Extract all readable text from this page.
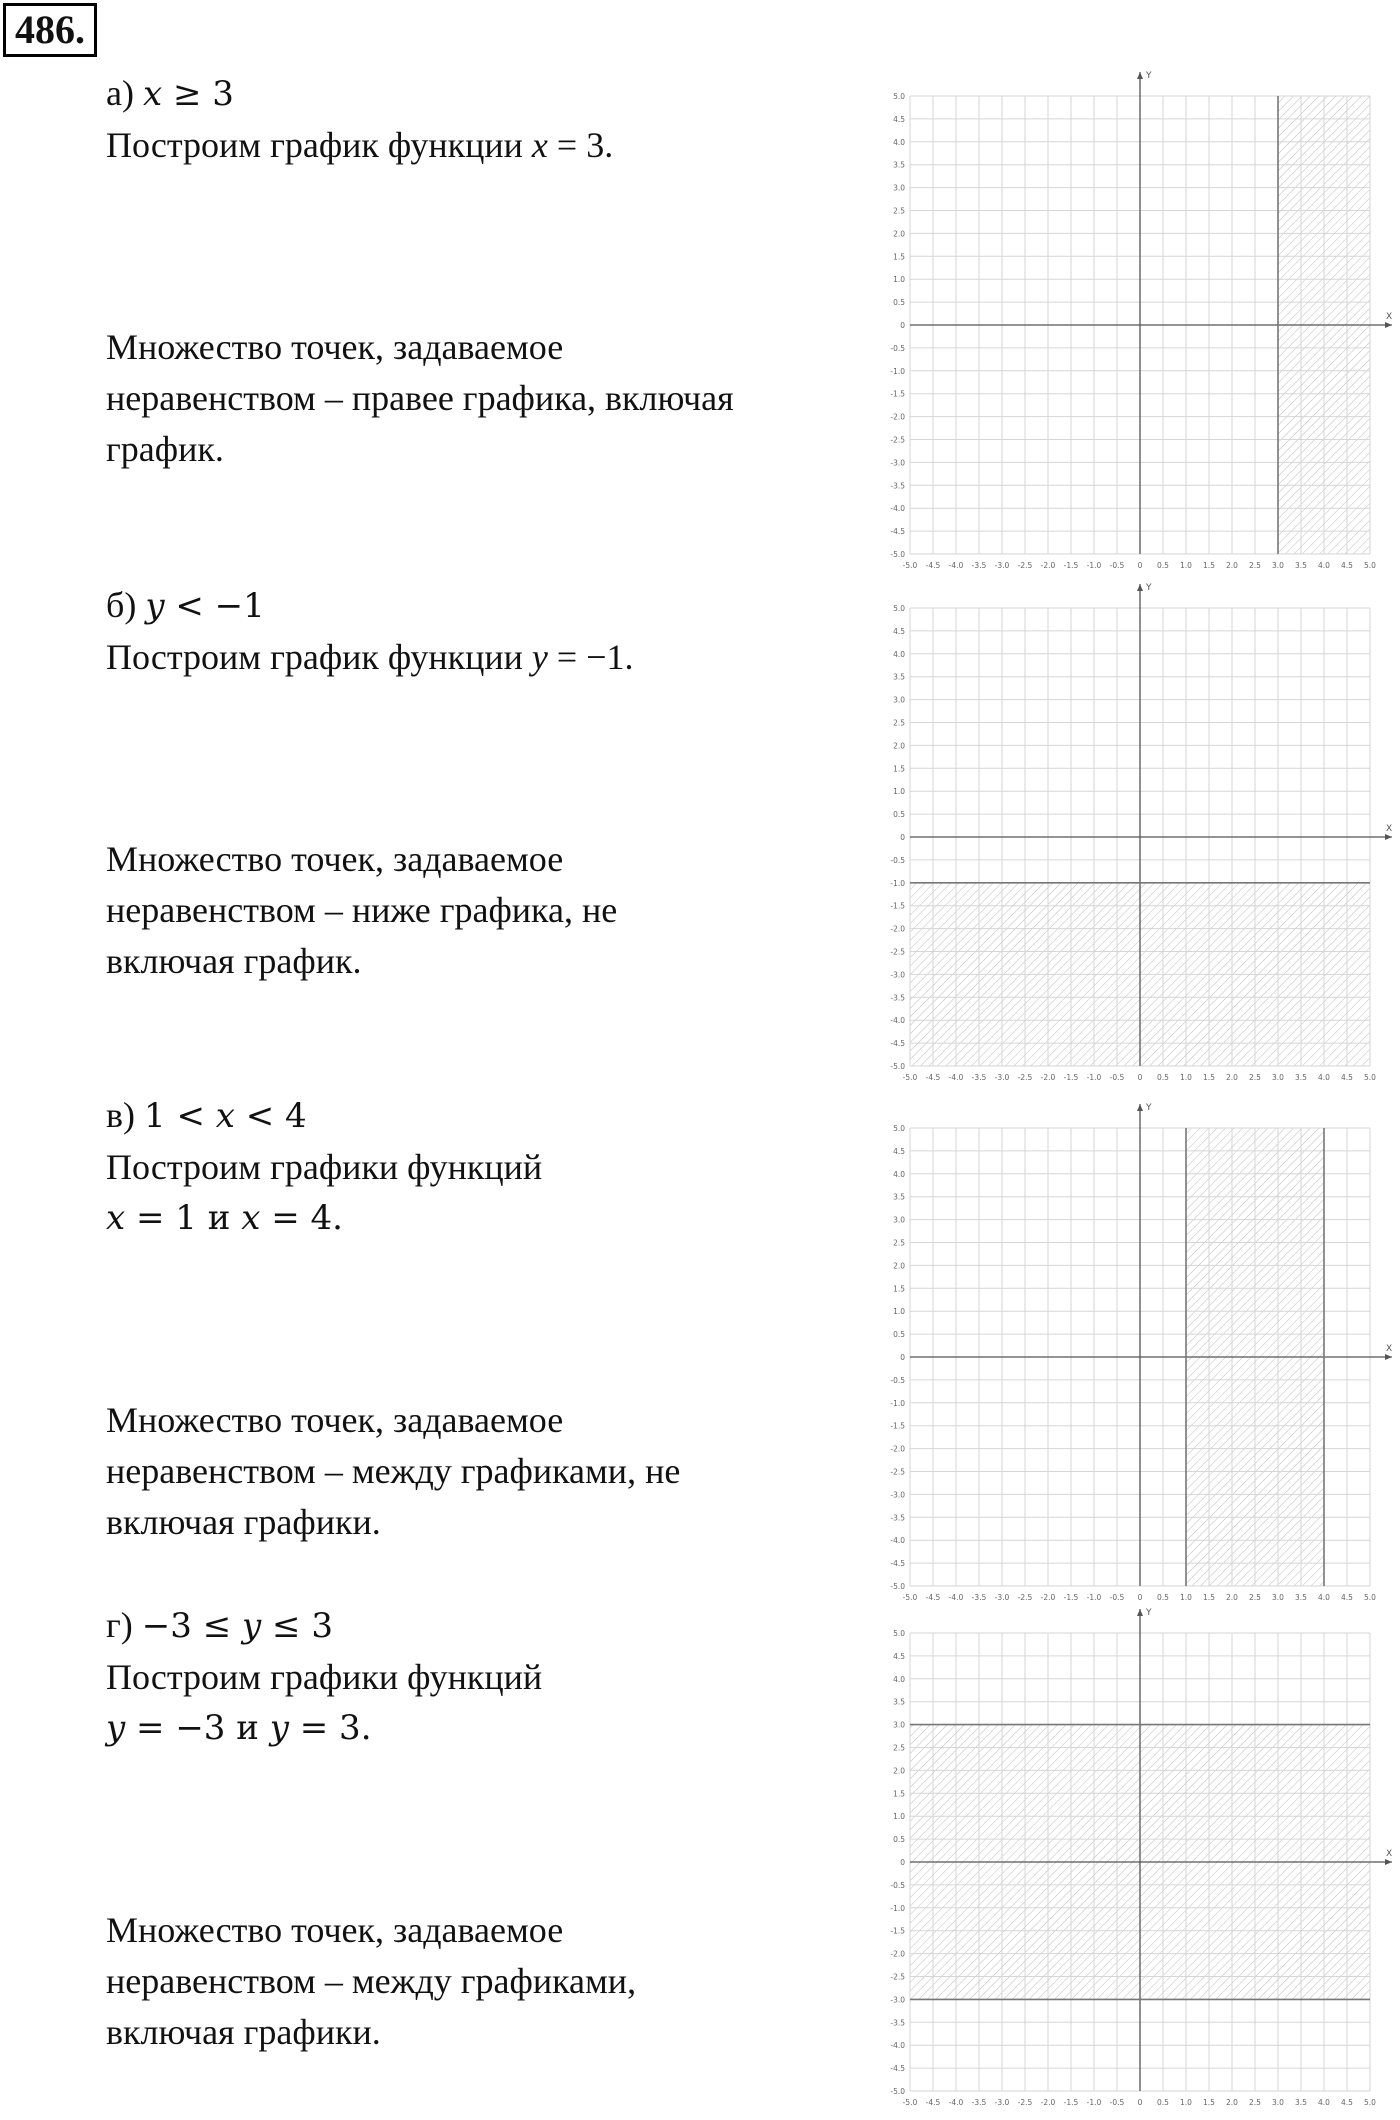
486.
а) x ≥ 3
Построим график функции x = 3.
Множество точек, задаваемое
неравенством – правее графика, включая
график.
X
Y
-5.0 -4.5 -4.0 -3.5 -3.0 -2.5 -2.0 -1.5 -1.0 -0.5 0 0.5 1.0 1.5 2.0 2.5 3.0 3.5 4.0 4.5 5.0
5.0
4.5
4.0
3.5
3.0
2.5
2.0
1.5
1.0
0.5
0
-0.5
-1.0
-1.5
-2.0
-2.5
-3.0
-3.5
-4.0
-4.5
-5.0
б) y < −1
Построим график функции y = −1.
Множество точек, задаваемое
неравенством – ниже графика, не
включая график.
X
Y
-5.0 -4.5 -4.0 -3.5 -3.0 -2.5 -2.0 -1.5 -1.0 -0.5 0 0.5 1.0 1.5 2.0 2.5 3.0 3.5 4.0 4.5 5.0
5.0
4.5
4.0
3.5
3.0
2.5
2.0
1.5
1.0
0.5
0
-0.5
-1.0
-1.5
-2.0
-2.5
-3.0
-3.5
-4.0
-4.5
-5.0
в) 1 < x < 4
Построим графики функций
x = 1 и x = 4.
Множество точек, задаваемое
неравенством – между графиками, не
включая графики.
X
Y
-5.0 -4.5 -4.0 -3.5 -3.0 -2.5 -2.0 -1.5 -1.0 -0.5 0 0.5 1.0 1.5 2.0 2.5 3.0 3.5 4.0 4.5 5.0
5.0
4.5
4.0
3.5
3.0
2.5
2.0
1.5
1.0
0.5
0
-0.5
-1.0
-1.5
-2.0
-2.5
-3.0
-3.5
-4.0
-4.5
-5.0
г) −3 ≤ y ≤ 3
Построим графики функций
y = −3 и y = 3.
Множество точек, задаваемое
неравенством – между графиками,
включая графики.
X
Y
-5.0 -4.5 -4.0 -3.5 -3.0 -2.5 -2.0 -1.5 -1.0 -0.5 0 0.5 1.0 1.5 2.0 2.5 3.0 3.5 4.0 4.5 5.0
5.0
4.5
4.0
3.5
3.0
2.5
2.0
1.5
1.0
0.5
0
-0.5
-1.0
-1.5
-2.0
-2.5
-3.0
-3.5
-4.0
-4.5
-5.0
